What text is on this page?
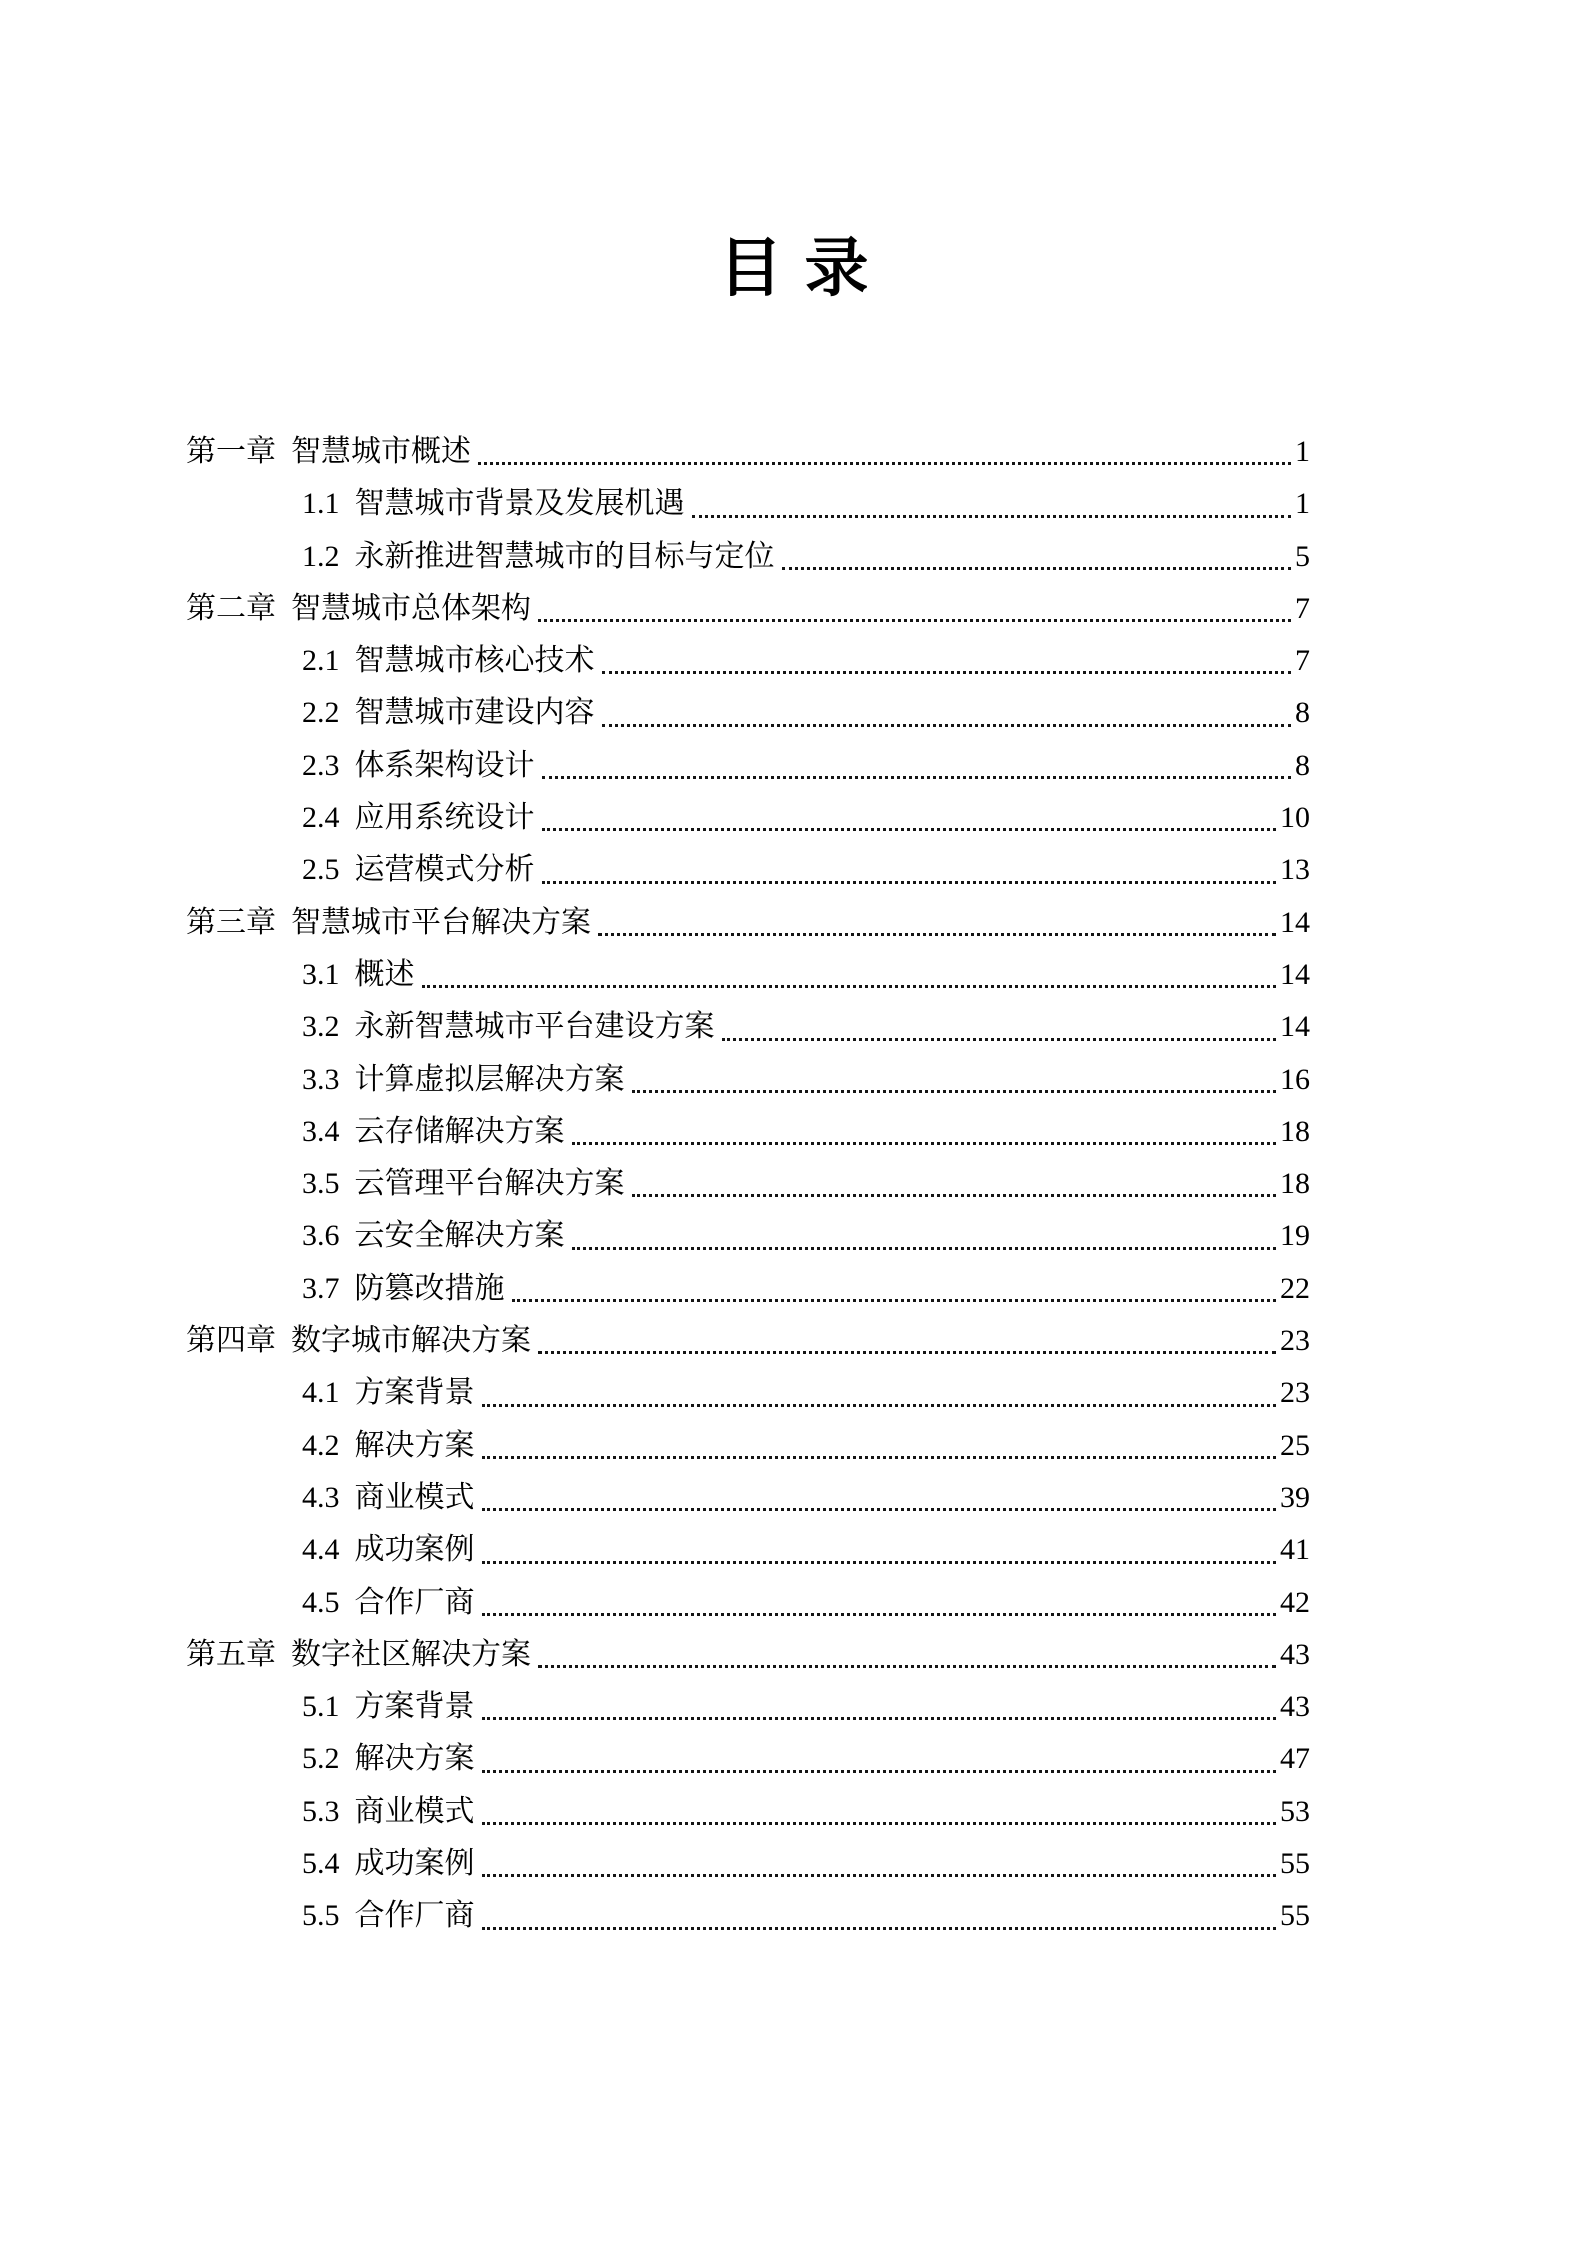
目录
第一章 智慧城市概述	1
1.1 智慧城市背景及发展机遇	1
1.2 永新推进智慧城市的目标与定位	5
第二章 智慧城市总体架构	7
2.1 智慧城市核心技术	7
2.2 智慧城市建设内容	8
2.3 体系架构设计	8
2.4 应用系统设计	10
2.5 运营模式分析	13
第三章 智慧城市平台解决方案	14
3.1 概述	14
3.2 永新智慧城市平台建设方案	14
3.3 计算虚拟层解决方案	16
3.4 云存储解决方案	18
3.5 云管理平台解决方案	18
3.6 云安全解决方案	19
3.7 防篡改措施	22
第四章 数字城市解决方案	23
4.1 方案背景	23
4.2 解决方案	25
4.3 商业模式	39
4.4 成功案例	41
4.5 合作厂商	42
第五章 数字社区解决方案	43
5.1 方案背景	43
5.2 解决方案	47
5.3 商业模式	53
5.4 成功案例	55
5.5 合作厂商	55
